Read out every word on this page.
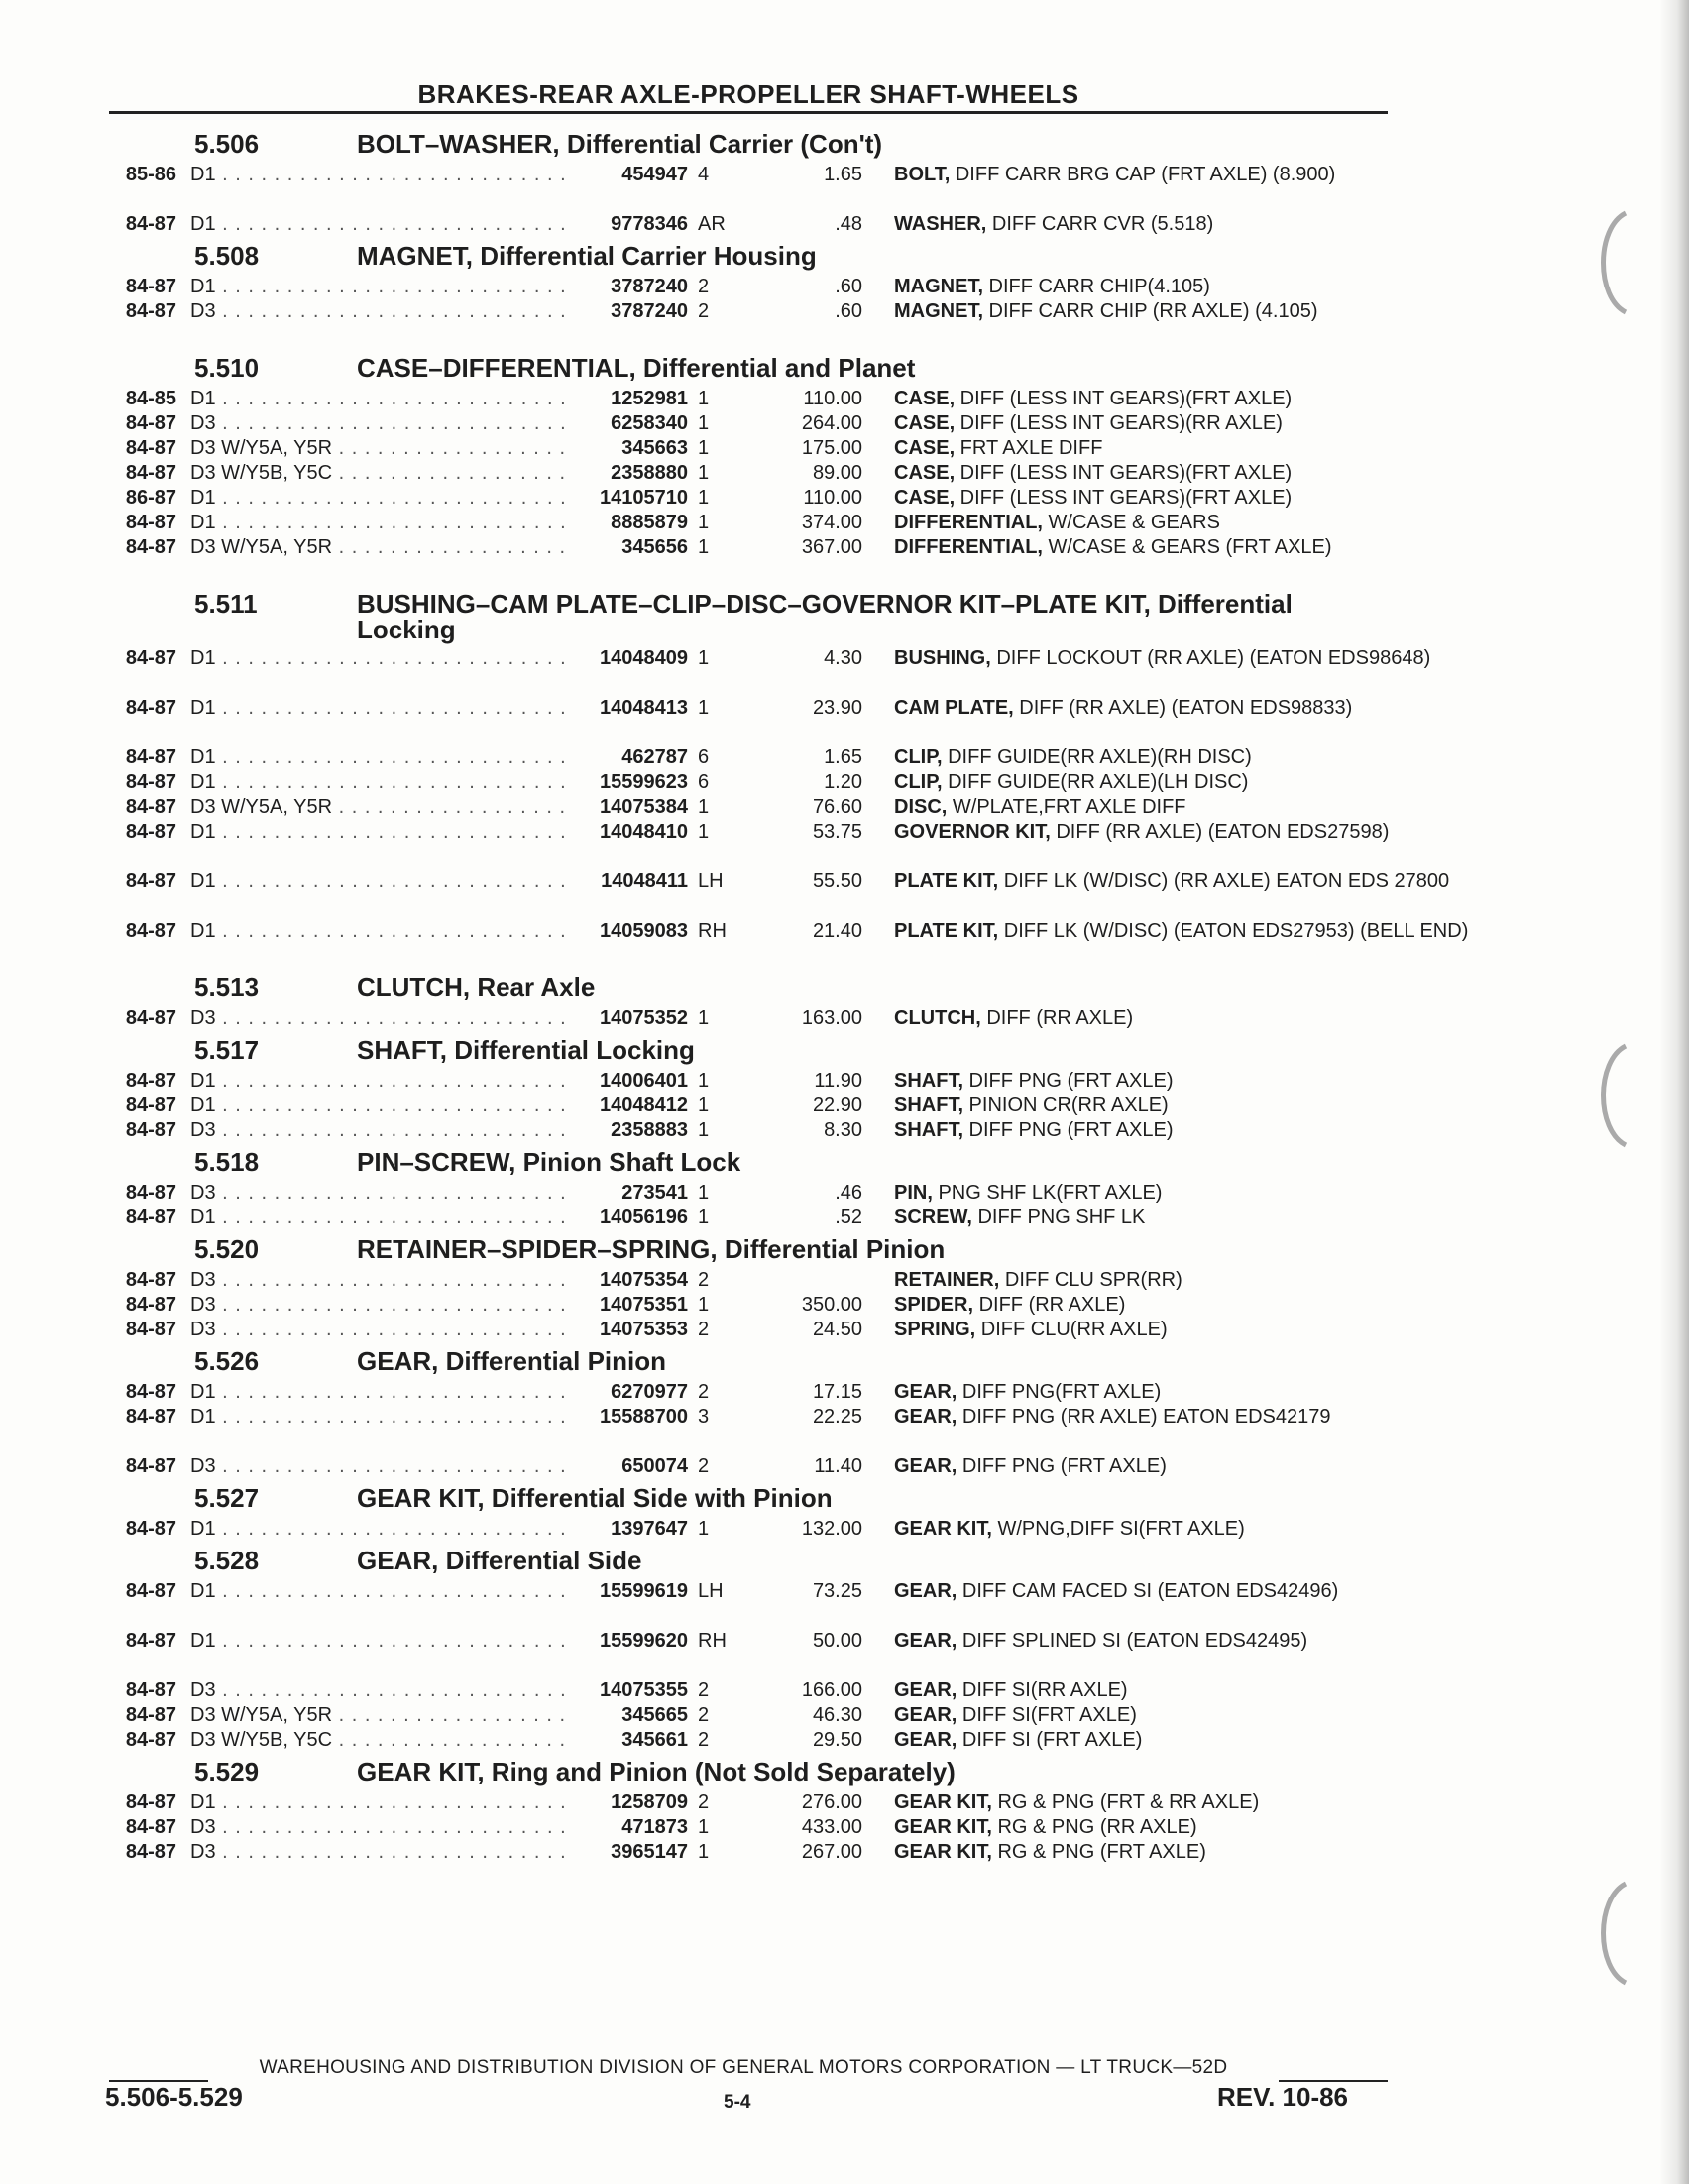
BRAKES-REAR AXLE-PROPELLER SHAFT-WHEELS
5.506	BOLT–WASHER, Differential Carrier (Con't)
85-86 D1 . . .	454947 4	1.65 BOLT, DIFF CARR BRG CAP (FRT AXLE) (8.900)
84-87 D1 . . .	9778346 AR	.48 WASHER, DIFF CARR CVR (5.518)
5.508	MAGNET, Differential Carrier Housing
84-87 D1 . . .	3787240 2	.60 MAGNET, DIFF CARR CHIP(4.105)
84-87 D3 . . .	3787240 2	.60 MAGNET, DIFF CARR CHIP (RR AXLE) (4.105)
5.510	CASE–DIFFERENTIAL, Differential and Planet
84-85 D1 . . .	1252981 1	110.00 CASE, DIFF (LESS INT GEARS)(FRT AXLE)
84-87 D3 . . .	6258340 1	264.00 CASE, DIFF (LESS INT GEARS)(RR AXLE)
84-87 D3 W/Y5A, Y5R . . .	345663 1	175.00 CASE, FRT AXLE DIFF
84-87 D3 W/Y5B, Y5C . . .	2358880 1	89.00 CASE, DIFF (LESS INT GEARS)(FRT AXLE)
86-87 D1 . . .	14105710 1	110.00 CASE, DIFF (LESS INT GEARS)(FRT AXLE)
84-87 D1 . . .	8885879 1	374.00 DIFFERENTIAL, W/CASE & GEARS
84-87 D3 W/Y5A, Y5R . . .	345656 1	367.00 DIFFERENTIAL, W/CASE & GEARS (FRT AXLE)
5.511	BUSHING–CAM PLATE–CLIP–DISC–GOVERNOR KIT–PLATE KIT, Differential Locking
84-87 D1 . . .	14048409 1	4.30 BUSHING, DIFF LOCKOUT (RR AXLE) (EATON EDS98648)
84-87 D1 . . .	14048413 1	23.90 CAM PLATE, DIFF (RR AXLE) (EATON EDS98833)
84-87 D1 . . .	462787 6	1.65 CLIP, DIFF GUIDE(RR AXLE)(RH DISC)
84-87 D1 . . .	15599623 6	1.20 CLIP, DIFF GUIDE(RR AXLE)(LH DISC)
84-87 D3 W/Y5A, Y5R . . .	14075384 1	76.60 DISC, W/PLATE,FRT AXLE DIFF
84-87 D1 . . .	14048410 1	53.75 GOVERNOR KIT, DIFF (RR AXLE) (EATON EDS27598)
84-87 D1 . . .	14048411 LH	55.50 PLATE KIT, DIFF LK (W/DISC) (RR AXLE) EATON EDS 27800
84-87 D1 . . .	14059083 RH	21.40 PLATE KIT, DIFF LK (W/DISC) (EATON EDS27953) (BELL END)
5.513	CLUTCH, Rear Axle
84-87 D3 . . .	14075352 1	163.00 CLUTCH, DIFF (RR AXLE)
5.517	SHAFT, Differential Locking
84-87 D1 . . .	14006401 1	11.90 SHAFT, DIFF PNG (FRT AXLE)
84-87 D1 . . .	14048412 1	22.90 SHAFT, PINION CR(RR AXLE)
84-87 D3 . . .	2358883 1	8.30 SHAFT, DIFF PNG (FRT AXLE)
5.518	PIN–SCREW, Pinion Shaft Lock
84-87 D3 . . .	273541 1	.46 PIN, PNG SHF LK(FRT AXLE)
84-87 D1 . . .	14056196 1	.52 SCREW, DIFF PNG SHF LK
5.520	RETAINER–SPIDER–SPRING, Differential Pinion
84-87 D3 . . .	14075354 2	RETAINER, DIFF CLU SPR(RR)
84-87 D3 . . .	14075351 1	350.00 SPIDER, DIFF (RR AXLE)
84-87 D3 . . .	14075353 2	24.50 SPRING, DIFF CLU(RR AXLE)
5.526	GEAR, Differential Pinion
84-87 D1 . . .	6270977 2	17.15 GEAR, DIFF PNG(FRT AXLE)
84-87 D1 . . .	15588700 3	22.25 GEAR, DIFF PNG (RR AXLE) EATON EDS42179
84-87 D3 . . .	650074 2	11.40 GEAR, DIFF PNG (FRT AXLE)
5.527	GEAR KIT, Differential Side with Pinion
84-87 D1 . . .	1397647 1	132.00 GEAR KIT, W/PNG,DIFF SI(FRT AXLE)
5.528	GEAR, Differential Side
84-87 D1 . . .	15599619 LH	73.25 GEAR, DIFF CAM FACED SI (EATON EDS42496)
84-87 D1 . . .	15599620 RH	50.00 GEAR, DIFF SPLINED SI (EATON EDS42495)
84-87 D3 . . .	14075355 2	166.00 GEAR, DIFF SI(RR AXLE)
84-87 D3 W/Y5A, Y5R . . .	345665 2	46.30 GEAR, DIFF SI(FRT AXLE)
84-87 D3 W/Y5B, Y5C . . .	345661 2	29.50 GEAR, DIFF SI (FRT AXLE)
5.529	GEAR KIT, Ring and Pinion (Not Sold Separately)
84-87 D1 . . .	1258709 2	276.00 GEAR KIT, RG & PNG (FRT & RR AXLE)
84-87 D3 . . .	471873 1	433.00 GEAR KIT, RG & PNG (RR AXLE)
84-87 D3 . . .	3965147 1	267.00 GEAR KIT, RG & PNG (FRT AXLE)
WAREHOUSING AND DISTRIBUTION DIVISION OF GENERAL MOTORS CORPORATION — LT TRUCK—52D
5.506-5.529	5-4	REV. 10-86
